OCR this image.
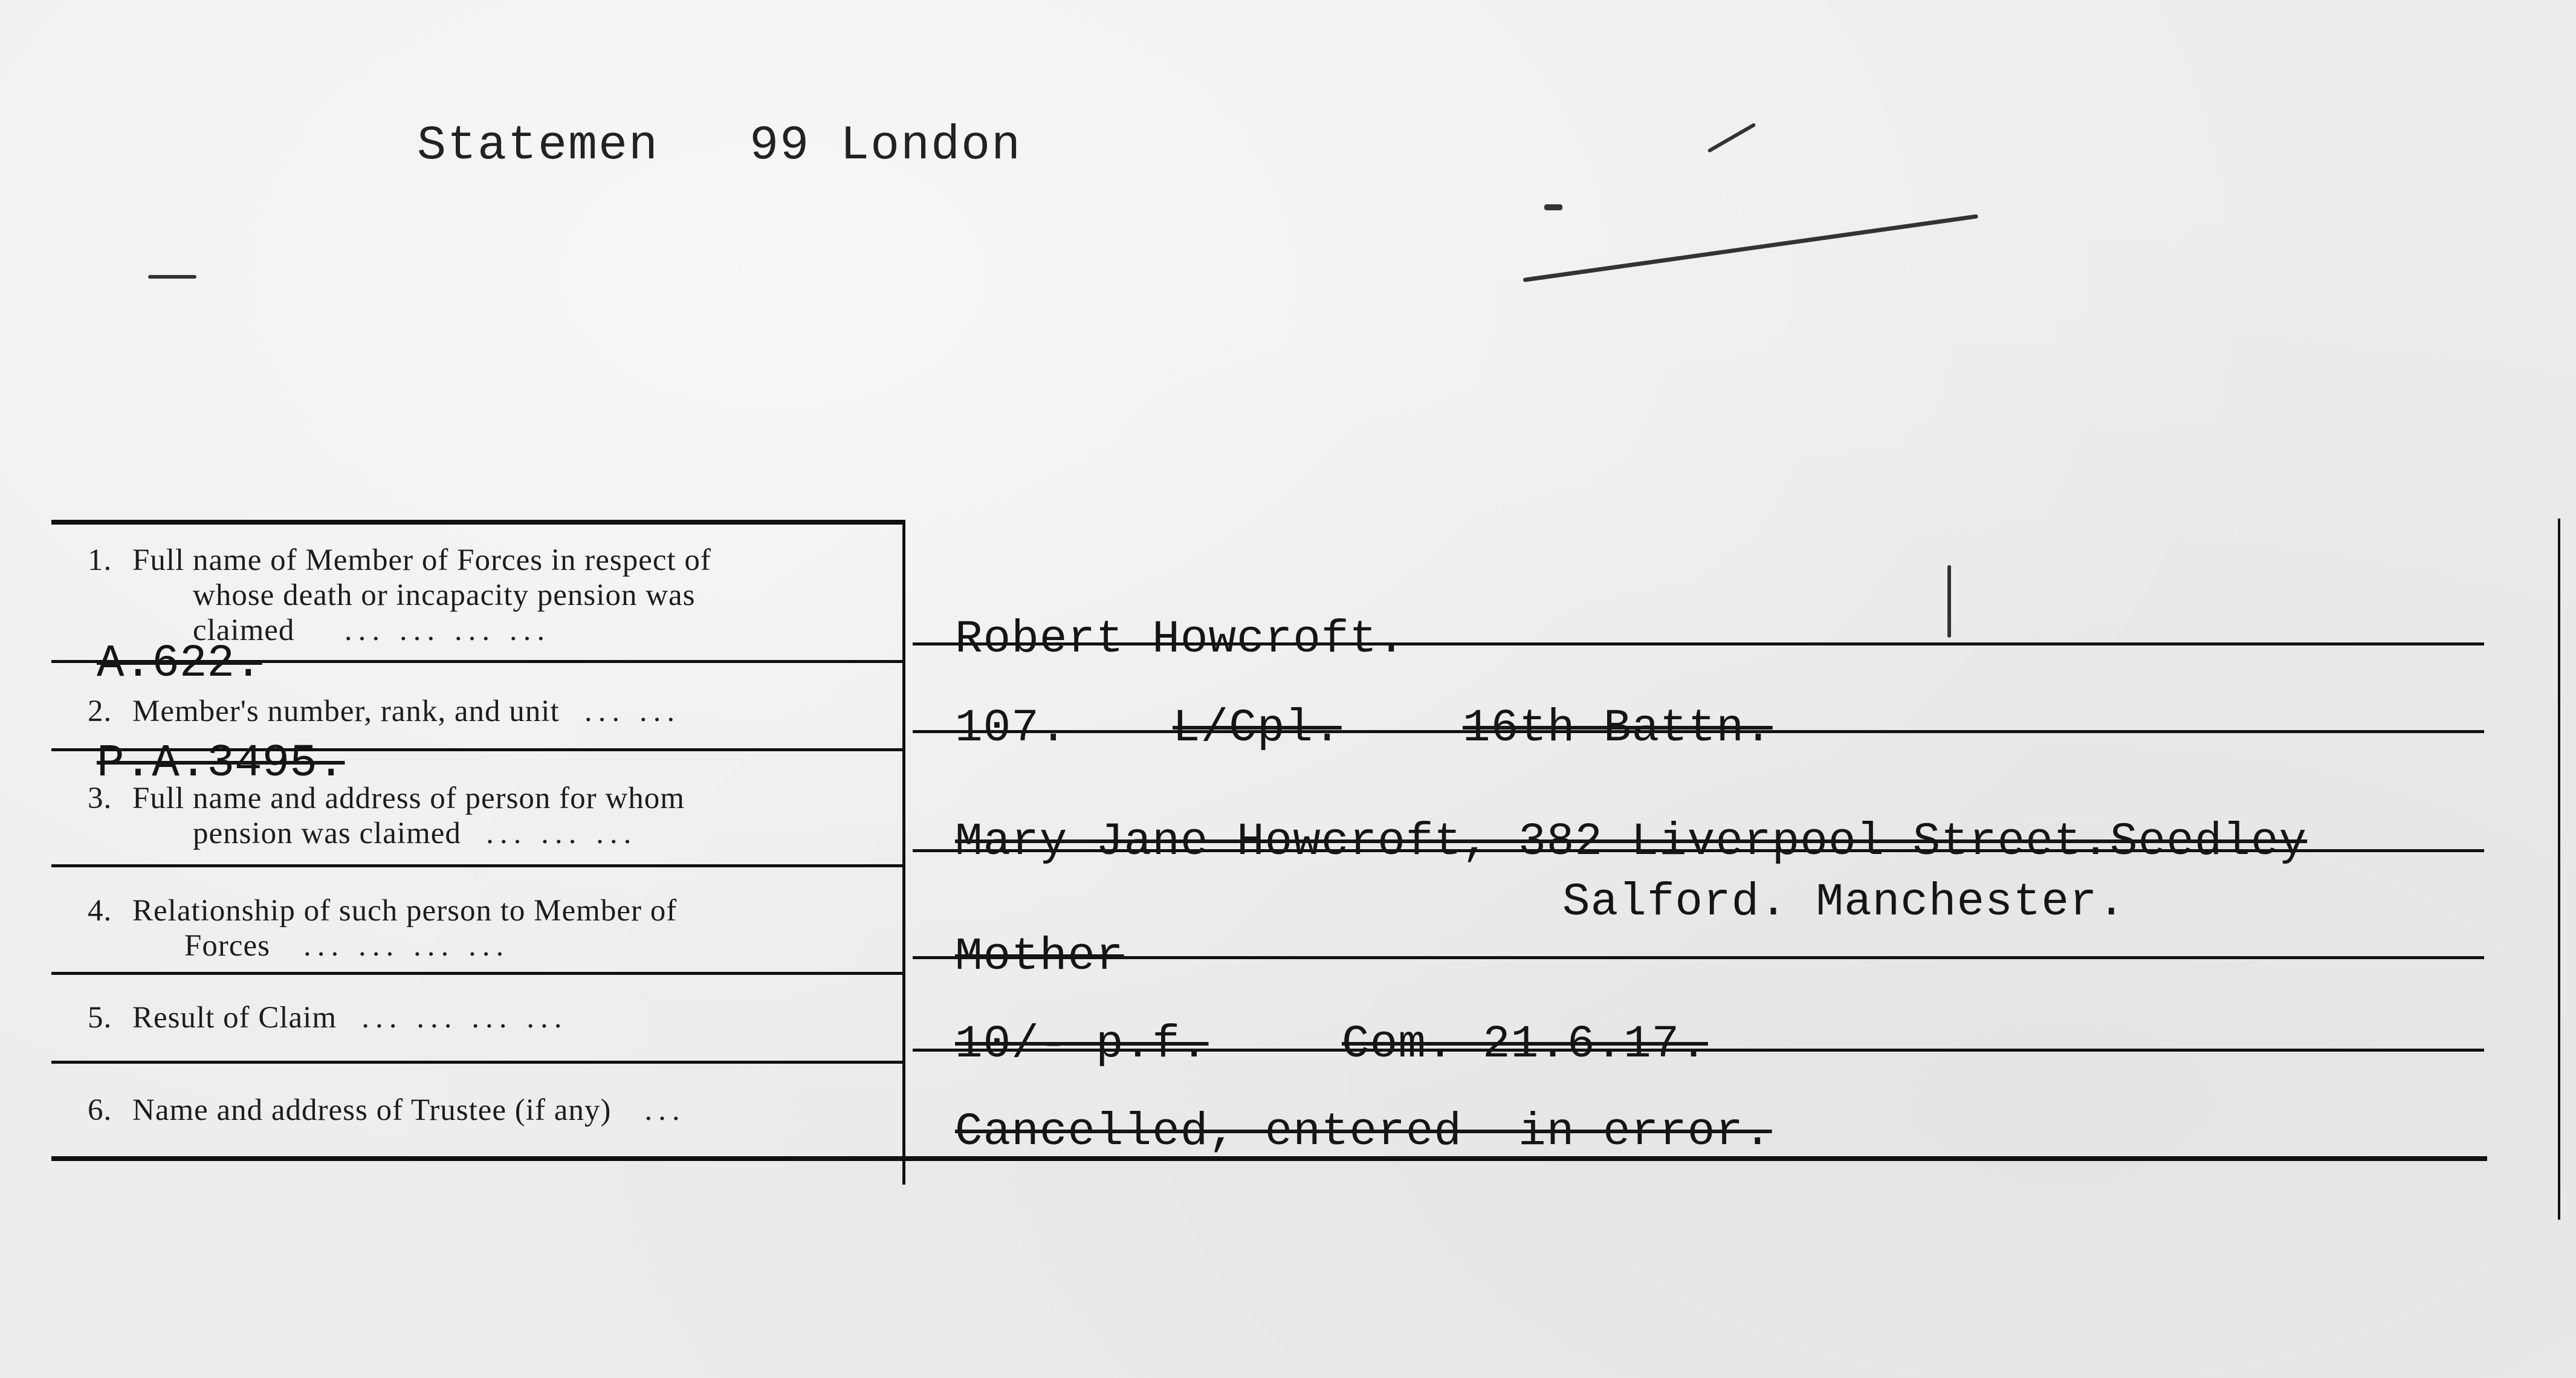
Statemen   99 London
1. Full name of Member of Forces in respect of
whose death or incapacity pension was
claimed ... ... ... ...
2. Member's number, rank, and unit ... ...
3. Full name and address of person for whom
pension was claimed ... ... ...
4. Relationship of such person to Member of
Forces ... ... ... ...
5. Result of Claim ... ... ... ...
6. Name and address of Trustee (if any) ...
A.622.
P.A.3495.
Robert Howcroft.
107. L/Cpl.	16th Battn.
Mary Jane Howcroft, 382 Liverpool Street.Seedley
Salford. Manchester.
Mother
10/- p.f.	Com. 21.6.17.
Cancelled, entered  in error.
